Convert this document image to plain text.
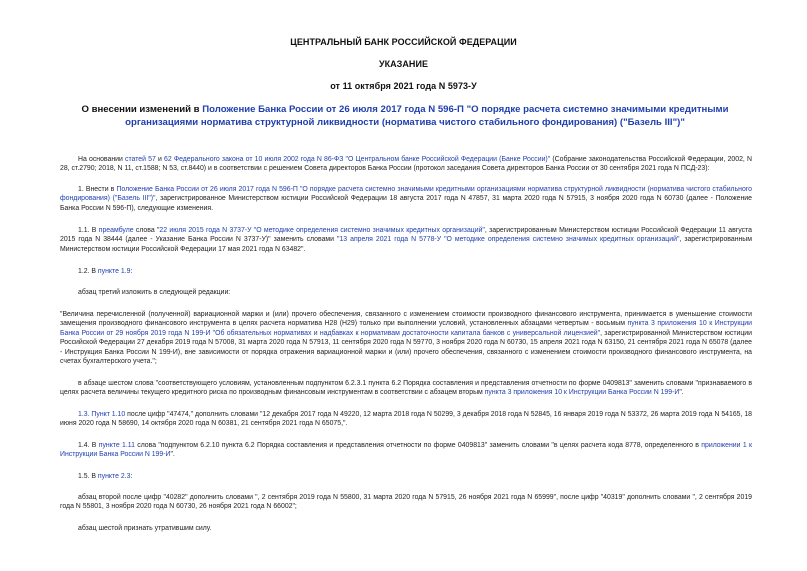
ЦЕНТРАЛЬНЫЙ БАНК РОССИЙСКОЙ ФЕДЕРАЦИИ
УКАЗАНИЕ
от 11 октября 2021 года N 5973-У
О внесении изменений в Положение Банка России от 26 июля 2017 года N 596-П "О порядке расчета системно значимыми кредитными организациями норматива структурной ликвидности (норматива чистого стабильного фондирования) ("Базель III")"
На основании статей 57 и 62 Федерального закона от 10 июля 2002 года N 86-ФЗ "О Центральном банке Российской Федерации (Банке России)" (Собрание законодательства Российской Федерации, 2002, N 28, ст.2790; 2018, N 11, ст.1588; N 53, ст.8440) и в соответствии с решением Совета директоров Банка России (протокол заседания Совета директоров Банка России от 30 сентября 2021 года N ПСД-23):
1. Внести в Положение Банка России от 26 июля 2017 года N 596-П "О порядке расчета системно значимыми кредитными организациями норматива структурной ликвидности (норматива чистого стабильного фондирования) ("Базель III")", зарегистрированное Министерством юстиции Российской Федерации 18 августа 2017 года N 47857, 31 марта 2020 года N 57915, 3 ноября 2020 года N 60730 (далее - Положение Банка России N 596-П), следующие изменения.
1.1. В преамбуле слова "22 июля 2015 года N 3737-У "О методике определения системно значимых кредитных организаций", зарегистрированным Министерством юстиции Российской Федерации 11 августа 2015 года N 38444 (далее - Указание Банка России N 3737-У)" заменить словами "13 апреля 2021 года N 5778-У "О методике определения системно значимых кредитных организаций", зарегистрированным Министерством юстиции Российской Федерации 17 мая 2021 года N 63482".
1.2. В пункте 1.9:
абзац третий изложить в следующей редакции:
"Величина перечисленной (полученной) вариационной маржи и (или) прочего обеспечения, связанного с изменением стоимости производного финансового инструмента, принимается в уменьшение стоимости замещения производного финансового инструмента в целях расчета норматива Н28 (Н29) только при выполнении условий, установленных абзацами четвертым - восьмым пункта 3 приложения 10 к Инструкции Банка России от 29 ноября 2019 года N 199-И "Об обязательных нормативах и надбавках к нормативам достаточности капитала банков с универсальной лицензией", зарегистрированной Министерством юстиции Российской Федерации 27 декабря 2019 года N 57008, 31 марта 2020 года N 57913, 11 сентября 2020 года N 59770, 3 ноября 2020 года N 60730, 15 апреля 2021 года N 63150, 21 сентября 2021 года N 65078 (далее - Инструкция Банка России N 199-И), вне зависимости от порядка отражения вариационной маржи и (или) прочего обеспечения, связанного с изменением стоимости производного финансового инструмента, на счетах бухгалтерского учета.";
в абзаце шестом слова "соответствующего условиям, установленным подпунктом 6.2.3.1 пункта 6.2 Порядка составления и представления отчетности по форме 0409813" заменить словами "признаваемого в целях расчета величины текущего кредитного риска по производным финансовым инструментам в соответствии с абзацем вторым пункта 3 приложения 10 к Инструкции Банка России N 199-И".
1.3. Пункт 1.10 после цифр "47474," дополнить словами "12 декабря 2017 года N 49220, 12 марта 2018 года N 50299, 3 декабря 2018 года N 52845, 16 января 2019 года N 53372, 26 марта 2019 года N 54165, 18 июня 2020 года N 58690, 14 октября 2020 года N 60381, 21 сентября 2021 года N 65075,".
1.4. В пункте 1.11 слова "подпунктом 6.2.10 пункта 6.2 Порядка составления и представления отчетности по форме 0409813" заменить словами "в целях расчета кода 8778, определенного в приложении 1 к Инструкции Банка России N 199-И".
1.5. В пункте 2.3:
абзац второй после цифр "40282" дополнить словами ", 2 сентября 2019 года N 55800, 31 марта 2020 года N 57915, 26 ноября 2021 года N 65999", после цифр "40319" дополнить словами ", 2 сентября 2019 года N 55801, 3 ноября 2020 года N 60730, 26 ноября 2021 года N 66002";
абзац шестой признать утратившим силу.
